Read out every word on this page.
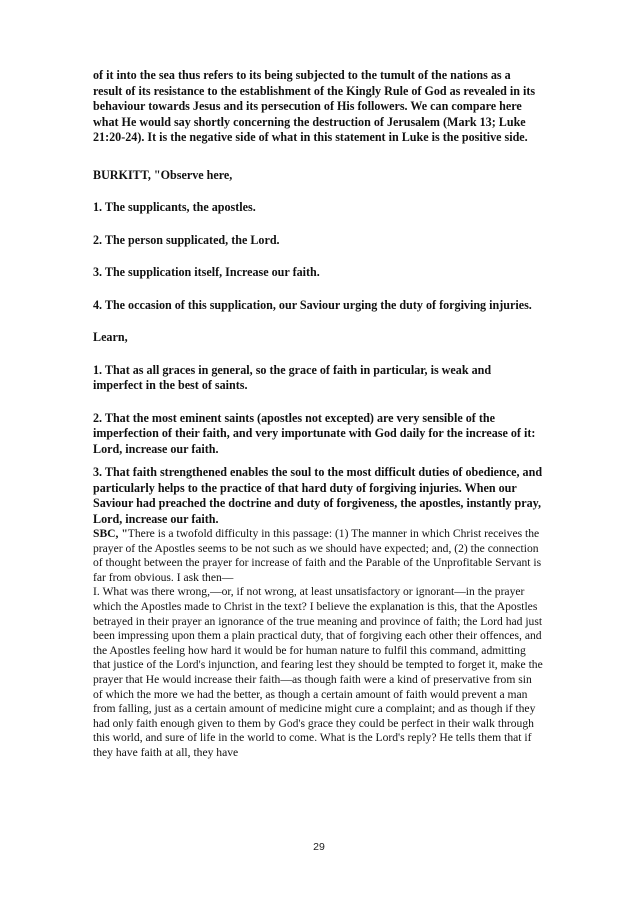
of it into the sea thus refers to its being subjected to the tumult of the nations as a result of its resistance to the establishment of the Kingly Rule of God as revealed in its behaviour towards Jesus and its persecution of His followers. We can compare here what He would say shortly concerning the destruction of Jerusalem (Mark 13; Luke 21:20-24). It is the negative side of what in this statement in Luke is the positive side.

BURKITT, "Observe here,

1. The supplicants, the apostles.

2. The person supplicated, the Lord.

3. The supplication itself, Increase our faith.

4. The occasion of this supplication, our Saviour urging the duty of forgiving injuries.

Learn,

1. That as all graces in general, so the grace of faith in particular, is weak and imperfect in the best of saints.

2. That the most eminent saints (apostles not excepted) are very sensible of the imperfection of their faith, and very importunate with God daily for the increase of it: Lord, increase our faith.

3. That faith strengthened enables the soul to the most difficult duties of obedience, and particularly helps to the practice of that hard duty of forgiving injuries. When our Saviour had preached the doctrine and duty of forgiveness, the apostles, instantly pray, Lord, increase our faith.

SBC, "There is a twofold difficulty in this passage: (1) The manner in which Christ receives the prayer of the Apostles seems to be not such as we should have expected; and, (2) the connection of thought between the prayer for increase of faith and the Parable of the Unprofitable Servant is far from obvious. I ask then—

I. What was there wrong,—or, if not wrong, at least unsatisfactory or ignorant—in the prayer which the Apostles made to Christ in the text? I believe the explanation is this, that the Apostles betrayed in their prayer an ignorance of the true meaning and province of faith; the Lord had just been impressing upon them a plain practical duty, that of forgiving each other their offences, and the Apostles feeling how hard it would be for human nature to fulfil this command, admitting that justice of the Lord's injunction, and fearing lest they should be tempted to forget it, make the prayer that He would increase their faith—as though faith were a kind of preservative from sin of which the more we had the better, as though a certain amount of faith would prevent a man from falling, just as a certain amount of medicine might cure a complaint; and as though if they had only faith enough given to them by God's grace they could be perfect in their walk through this world, and sure of life in the world to come. What is the Lord's reply? He tells them that if they have faith at all, they have

29
